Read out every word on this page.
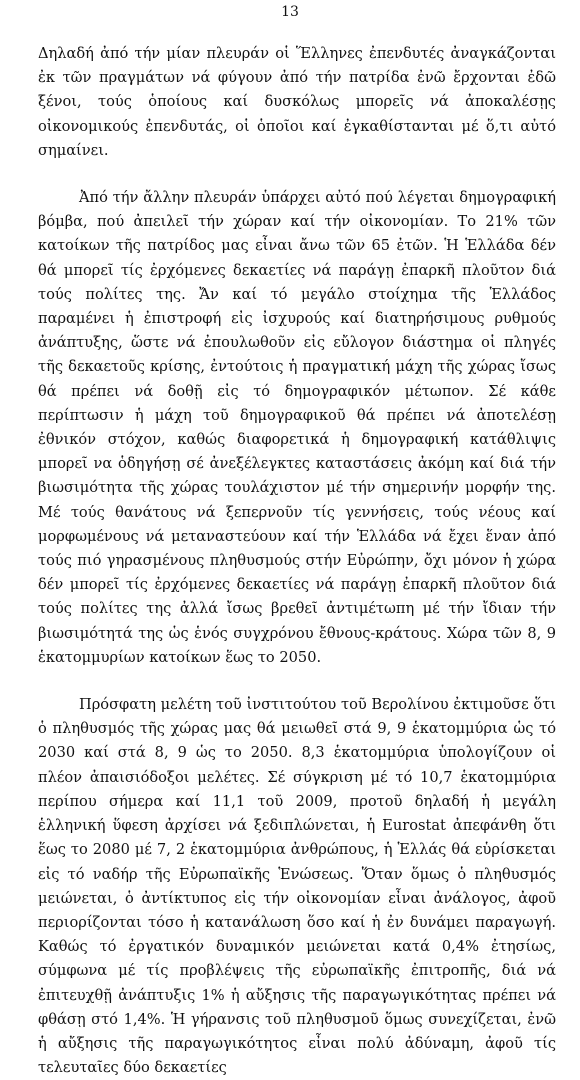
13

Δηλαδή ἀπό τήν μίαν πλευράν οἱ Ἕλληνες ἐπενδυτές ἀναγκάζονται ἐκ τῶν πραγμάτων νά φύγουν ἀπό τήν πατρίδα ἐνῶ ἔρχονται ἐδῶ ξένοι, τούς ὁποίους καί δυσκόλως μπορεῖς νά ἀποκαλέσῃς οἰκονομικούς ἐπενδυτάς, οἱ ὁποῖοι καί ἐγκαθίστανται μέ ὅ,τι αὐτό σημαίνει.

Ἀπό τήν ἄλλην πλευράν ὑπάρχει αὐτό πού λέγεται δημογραφική βόμβα, πού ἀπειλεῖ τήν χώραν καί τήν οἰκονομίαν. Το 21% τῶν κατοίκων τῆς πατρίδος μας εἶναι ἄνω τῶν 65 ἐτῶν. Ἡ Ἑλλάδα δέν θά μπορεῖ τίς ἐρχόμενες δεκαετίες νά παράγῃ ἐπαρκῆ πλοῦτον διά τούς πολίτες της. Ἄν καί τό μεγάλο στοίχημα τῆς Ἑλλάδος παραμένει ἡ ἐπιστροφή εἰς ἰσχυρούς καί διατηρήσιμους ρυθμούς ἀνάπτυξης, ὥστε νά ἐπουλωθοῦν εἰς εὔλογον διάστημα οἱ πληγές τῆς δεκαετοῦς κρίσης, ἐντούτοις ἡ πραγματική μάχη τῆς χώρας ἴσως θά πρέπει νά δοθῇ εἰς τό δημογραφικόν μέτωπον. Σέ κάθε περίπτωσιν ἡ μάχη τοῦ δημογραφικοῦ θά πρέπει νά ἀποτελέσῃ ἐθνικόν στόχον, καθώς διαφορετικά ἡ δημογραφική κατάθλιψις μπορεῖ να ὁδηγήσῃ σέ ἀνεξέλεγκτες καταστάσεις ἀκόμη καί διά τήν βιωσιμότητα τῆς χώρας τουλάχιστον μέ τήν σημερινήν μορφήν της. Μέ τούς θανάτους νά ξεπερνοῦν τίς γεννήσεις, τούς νέους καί μορφωμένους νά μεταναστεύουν καί τήν Ἑλλάδα νά ἔχει ἕναν ἀπό τούς πιό γηρασμένους πληθυσμούς στήν Εὐρώπην, ὄχι μόνον ἡ χώρα δέν μπορεῖ τίς ἐρχόμενες δεκαετίες νά παράγῃ ἐπαρκῆ πλοῦτον διά τούς πολίτες της ἀλλά ἴσως βρεθεῖ ἀντιμέτωπη μέ τήν ἴδιαν τήν βιωσιμότητά της ὡς ἑνός συγχρόνου ἔθνους-κράτους. Χώρα τῶν 8, 9 ἑκατομμυρίων κατοίκων ἕως το 2050.

Πρόσφατη μελέτη τοῦ ἰνστιτούτου τοῦ Βερολίνου ἐκτιμοῦσε ὅτι ὁ πληθυσμός τῆς χώρας μας θά μειωθεῖ στά 9, 9 ἑκατομμύρια ὡς τό 2030 καί στά 8, 9 ὡς το 2050. 8,3 ἑκατομμύρια ὑπολογίζουν οἱ πλέον ἀπαισιόδοξοι μελέτες. Σέ σύγκριση μέ τό 10,7 ἑκατομμύρια περίπου σήμερα καί 11,1 τοῦ 2009, προτοῦ δηλαδή ἡ μεγάλη ἑλληνική ὕφεση ἀρχίσει νά ξεδιπλώνεται, ἡ Eurostat ἀπεφάνθη ὅτι ἕως το 2080 μέ 7, 2 ἑκατομμύρια ἀνθρώπους, ἡ Ἑλλάς θά εὑρίσκεται εἰς τό ναδήρ τῆς Εὐρωπαϊκῆς Ἑνώσεως. Ὅταν ὅμως ὁ πληθυσμός μειώνεται, ὁ ἀντίκτυπος εἰς τήν οἰκονομίαν εἶναι ἀνάλογος, ἀφοῦ περιορίζονται τόσο ἡ κατανάλωση ὅσο καί ἡ ἐν δυνάμει παραγωγή. Καθώς τό ἐργατικόν δυναμικόν μειώνεται κατά 0,4% ἐτησίως, σύμφωνα μέ τίς προβλέψεις τῆς εὐρωπαϊκῆς ἐπιτροπῆς, διά νά ἐπιτευχθῇ ἀνάπτυξις 1% ἡ αὔξησις τῆς παραγωγικότητας πρέπει νά φθάσῃ στό 1,4%. Ἡ γήρανσις τοῦ πληθυσμοῦ ὅμως συνεχίζεται, ἐνῶ ἡ αὔξησις τῆς παραγωγικότητος εἶναι πολύ ἀδύναμη, ἀφοῦ τίς τελευταῖες δύο δεκαετίες
